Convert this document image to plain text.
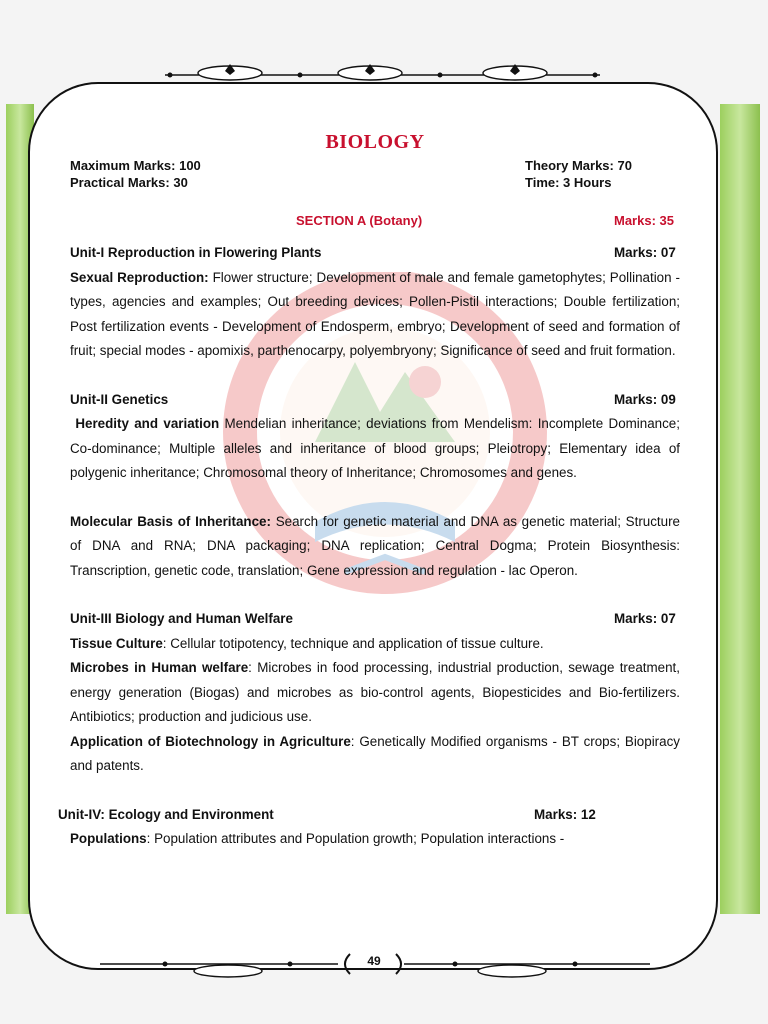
BIOLOGY
Maximum Marks: 100	Theory Marks: 70
Practical Marks: 30	Time: 3 Hours
SECTION A (Botany)	Marks: 35
Unit-I Reproduction in Flowering Plants	Marks: 07
Sexual Reproduction: Flower structure; Development of male and female gametophytes; Pollination - types, agencies and examples; Out breeding devices; Pollen-Pistil interactions; Double fertilization; Post fertilization events - Development of Endosperm, embryo; Development of seed and formation of fruit; special modes - apomixis, parthenocarpy, polyembryony; Significance of seed and fruit formation.
Unit-II Genetics	Marks: 09
Heredity and variation Mendelian inheritance; deviations from Mendelism: Incomplete Dominance; Co-dominance; Multiple alleles and inheritance of blood groups; Pleiotropy; Elementary idea of polygenic inheritance; Chromosomal theory of Inheritance; Chromosomes and genes.
Molecular Basis of Inheritance: Search for genetic material and DNA as genetic material; Structure of DNA and RNA; DNA packaging; DNA replication; Central Dogma; Protein Biosynthesis: Transcription, genetic code, translation; Gene expression and regulation - lac Operon.
Unit-III Biology and Human Welfare	Marks: 07
Tissue Culture: Cellular totipotency, technique and application of tissue culture.
Microbes in Human welfare: Microbes in food processing, industrial production, sewage treatment, energy generation (Biogas) and microbes as bio-control agents, Biopesticides and Bio-fertilizers. Antibiotics; production and judicious use.
Application of Biotechnology in Agriculture: Genetically Modified organisms - BT crops; Biopiracy and patents.
Unit-IV: Ecology and Environment	Marks: 12
Populations: Population attributes and Population growth; Population interactions -
49
